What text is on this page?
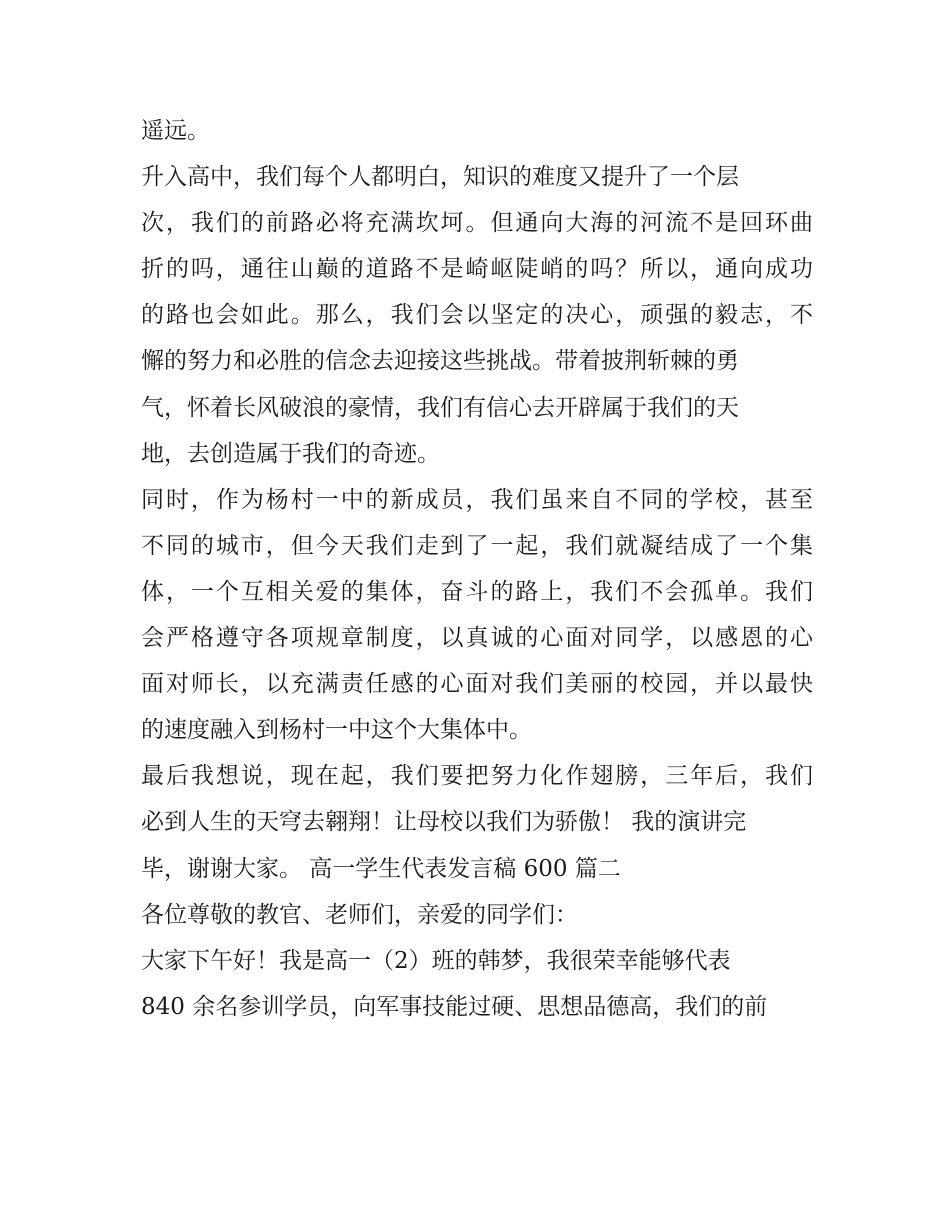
遥远。
升入高中，我们每个人都明白，知识的难度又提升了一个层
次，我们的前路必将充满坎坷。但通向大海的河流不是回环曲
折的吗，通往山巅的道路不是崎岖陡峭的吗？所以，通向成功
的路也会如此。那么，我们会以坚定的决心，顽强的毅志，不
懈的努力和必胜的信念去迎接这些挑战。带着披荆斩棘的勇
气，怀着长风破浪的豪情，我们有信心去开辟属于我们的天
地，去创造属于我们的奇迹。
同时，作为杨村一中的新成员，我们虽来自不同的学校，甚至
不同的城市，但今天我们走到了一起，我们就凝结成了一个集
体，一个互相关爱的集体，奋斗的路上，我们不会孤单。我们
会严格遵守各项规章制度，以真诚的心面对同学，以感恩的心
面对师长，以充满责任感的心面对我们美丽的校园，并以最快
的速度融入到杨村一中这个大集体中。
最后我想说，现在起，我们要把努力化作翅膀，三年后，我们
必到人生的天穹去翱翔！让母校以我们为骄傲！ 我的演讲完
毕，谢谢大家。 高一学生代表发言稿 600 篇二
各位尊敬的教官、老师们，亲爱的同学们：
大家下午好！我是高一（2）班的韩梦，我很荣幸能够代表
840 余名参训学员，向军事技能过硬、思想品德高，我们的前
